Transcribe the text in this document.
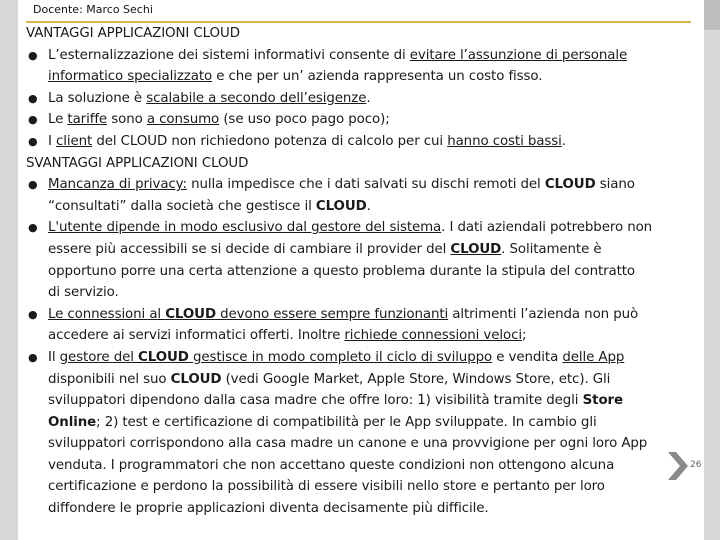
Docente: Marco Sechi
VANTAGGI APPLICAZIONI CLOUD
● L’esternalizzazione dei sistemi informativi consente di evitare l’assunzione di personale
informatico specializzato e che per un’ azienda rappresenta un costo fisso.
● La soluzione è scalabile a secondo dell’esigenze.
● Le tariffe sono a consumo (se uso poco pago poco);
● I client del CLOUD non richiedono potenza di calcolo per cui hanno costi bassi.
SVANTAGGI APPLICAZIONI CLOUD
● Mancanza di privacy: nulla impedisce che i dati salvati su dischi remoti del CLOUD siano
“consultati” dalla società che gestisce il CLOUD.
● L'utente dipende in modo esclusivo dal gestore del sistema. I dati aziendali potrebbero non
essere più accessibili se si decide di cambiare il provider del CLOUD. Solitamente è
opportuno porre una certa attenzione a questo problema durante la stipula del contratto
di servizio.
● Le connessioni al CLOUD devono essere sempre funzionanti altrimenti l’azienda non può
accedere ai servizi informatici offerti. Inoltre richiede connessioni veloci;
● Il gestore del CLOUD gestisce in modo completo il ciclo di sviluppo e vendita delle App
disponibili nel suo CLOUD (vedi Google Market, Apple Store, Windows Store, etc). Gli
sviluppatori dipendono dalla casa madre che offre loro: 1) visibilità tramite degli Store
Online; 2) test e certificazione di compatibilità per le App sviluppate. In cambio gli
sviluppatori corrispondono alla casa madre un canone e una provvigione per ogni loro App
venduta. I programmatori che non accettano queste condizioni non ottengono alcuna
certificazione e perdono la possibilità di essere visibili nello store e pertanto per loro
diffondere le proprie applicazioni diventa decisamente più difficile.
26
